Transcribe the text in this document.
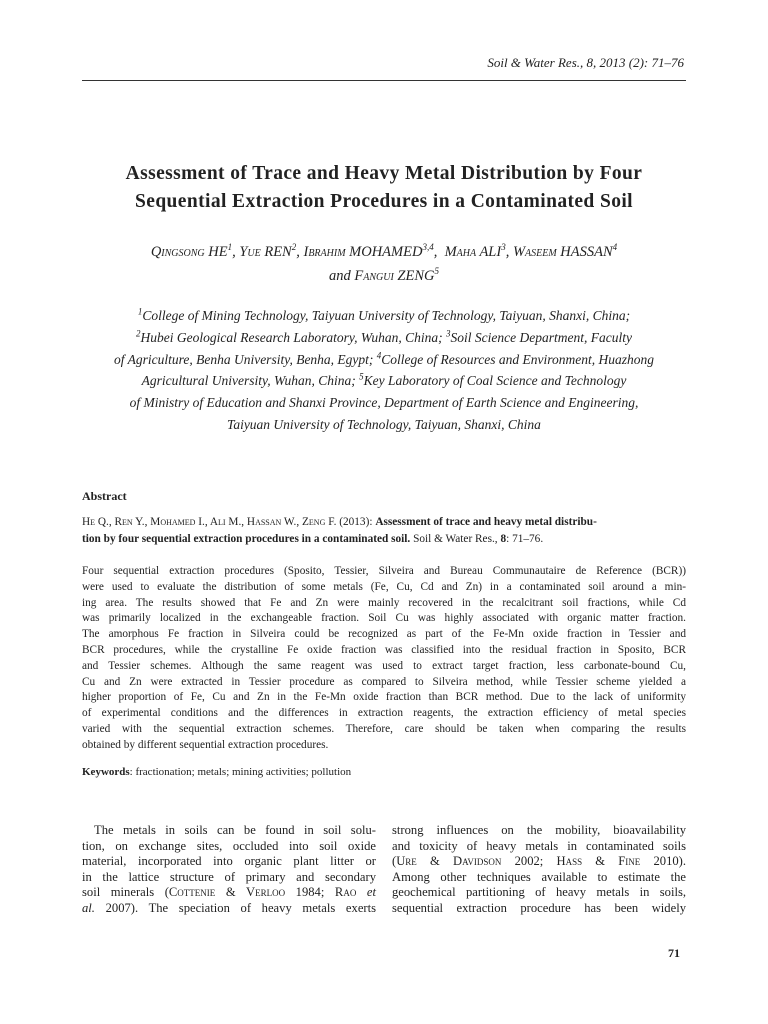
Soil & Water Res., 8, 2013 (2): 71–76
Assessment of Trace and Heavy Metal Distribution by Four
Sequential Extraction Procedures in a Contaminated Soil
Qingsong $HE^1$, Yue REN$^2$, Ibrahim MOHAMED$^{3,4}$,  Maha ALI$^3$, Waseem HASSAN$^4$
and Fangui ZENG$^5$
$^1$College of Mining Technology, Taiyuan University of Technology, Taiyuan, Shanxi, China;
$^2$Hubei Geological Research Laboratory, Wuhan, China; $^3$Soil Science Department, Faculty
of Agriculture, Benha University, Benha, Egypt; $^4$College of Resources and Environment, Huazhong
Agricultural University, Wuhan, China; $^5$Key Laboratory of Coal Science and Technology
of Ministry of Education and Shanxi Province, Department of Earth Science and Engineering,
Taiyuan University of Technology, Taiyuan, Shanxi, China
Abstract
He Q., Ren Y., Mohamed I., Ali M., Hassan W., Zeng F. (2013): Assessment of trace and heavy metal distribu-
tion by four sequential extraction procedures in a contaminated soil. Soil & Water Res., 8: 71–76.
Four sequential extraction procedures (Sposito, Tessier, Silveira and Bureau Communautaire de Reference (BCR))
were used to evaluate the distribution of some metals (Fe, Cu, Cd and Zn) in a contaminated soil around a min-
ing area. The results showed that Fe and Zn were mainly recovered in the recalcitrant soil fractions, while Cd
was primarily localized in the exchangeable fraction. Soil Cu was highly associated with organic matter fraction.
The amorphous Fe fraction in Silveira could be recognized as part of the Fe-Mn oxide fraction in Tessier and
BCR procedures, while the crystalline Fe oxide fraction was classified into the residual fraction in Sposito, BCR
and Tessier schemes. Although the same reagent was used to extract target fraction, less carbonate-bound Cu,
Cu and Zn were extracted in Tessier procedure as compared to Silveira method, while Tessier scheme yielded a
higher proportion of Fe, Cu and Zn in the Fe-Mn oxide fraction than BCR method. Due to the lack of uniformity
of experimental conditions and the differences in extraction reagents, the extraction efficiency of metal species
varied with the sequential extraction schemes. Therefore, care should be taken when comparing the results
obtained by different sequential extraction procedures.
Keywords: fractionation; metals; mining activities; pollution
The metals in soils can be found in soil solu-
tion, on exchange sites, occluded into soil oxide
material, incorporated into organic plant litter or
in the lattice structure of primary and secondary
soil minerals (Cottenie & Verloo 1984; Rao et
al. 2007). The speciation of heavy metals exerts
strong influences on the mobility, bioavailability
and toxicity of heavy metals in contaminated soils
(Ure & Davidson 2002; Hass & Fine 2010).
Among other techniques available to estimate the
geochemical partitioning of heavy metals in soils,
sequential extraction procedure has been widely
71
